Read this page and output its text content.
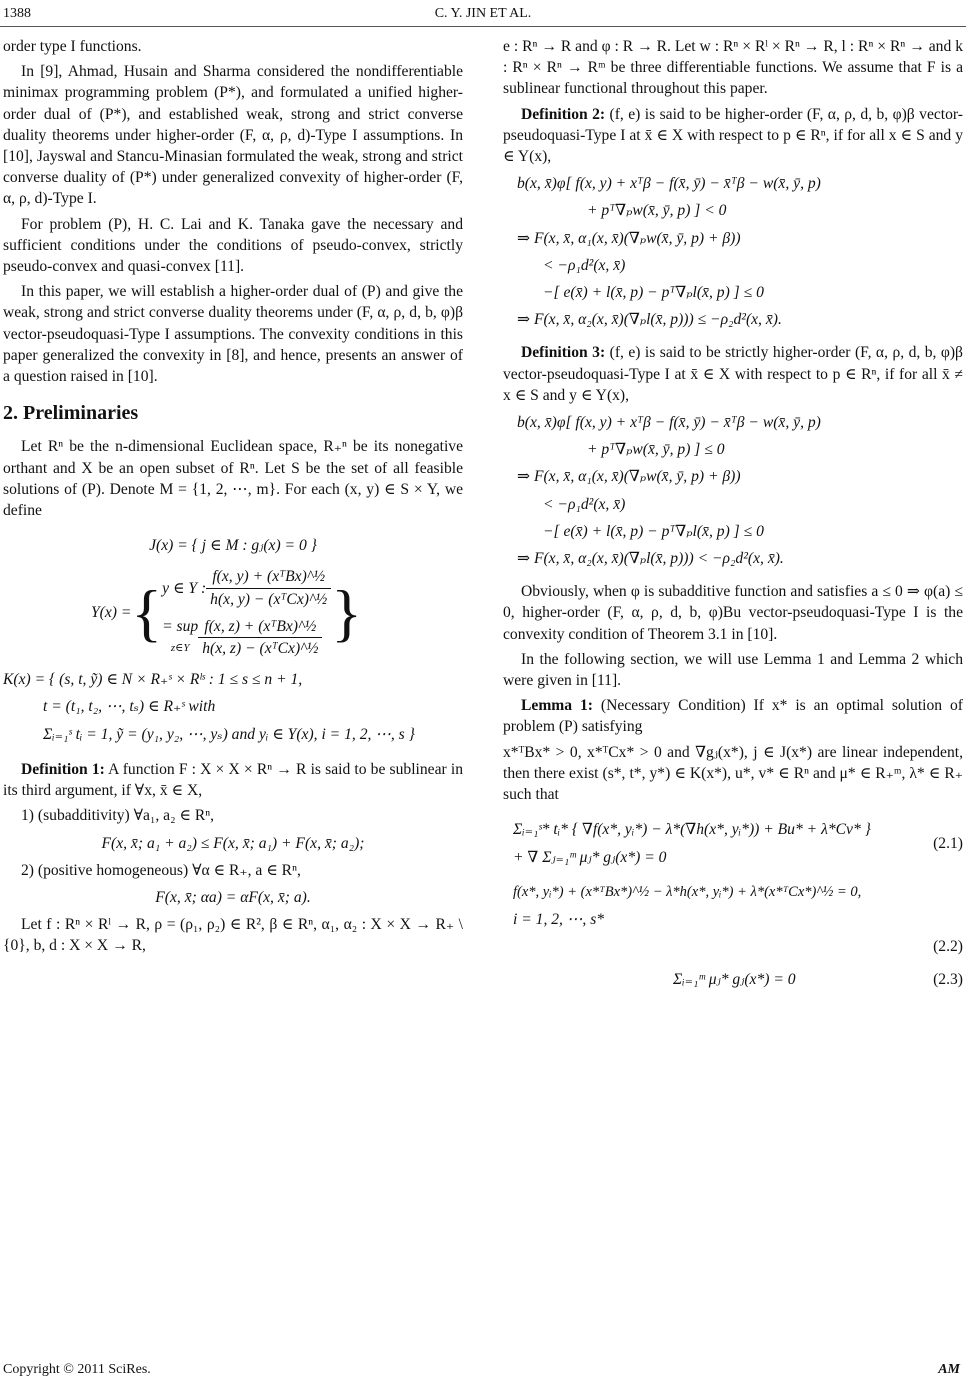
1388	C. Y. JIN ET AL.

order type I functions.

In [9], Ahmad, Husain and Sharma considered the nondifferentiable minimax programming problem (P*), and formulated a unified higher-order dual of (P*), and established weak, strong and strict converse duality theorems under higher-order (F, α, ρ, d)-Type I assumptions. In [10], Jayswal and Stancu-Minasian formulated the weak, strong and strict converse duality of (P*) under generalized convexity of higher-order (F, α, ρ, d)-Type I.

For problem (P), H. C. Lai and K. Tanaka gave the necessary and sufficient conditions under the conditions of pseudo-convex, strictly pseudo-convex and quasi-convex [11].

In this paper, we will establish a higher-order dual of (P) and give the weak, strong and strict converse duality theorems under (F, α, ρ, d, b, φ)β vector-pseudoquasi-Type I assumptions. The convexity conditions in this paper generalized the convexity in [8], and hence, presents an answer of a question raised in [10].

2. Preliminaries

Let Rⁿ be the n-dimensional Euclidean space, R₊ⁿ be its nonegative orthant and X be an open subset of Rⁿ. Let S be the set of all feasible solutions of (P). Denote M = {1, 2, ⋯, m}. For each (x, y) ∈ S × Y, we define

J(x) = { j ∈ M : gⱼ(x) = 0 }
Y(x) = { y ∈ Y : $\frac{\text{f(x, y) + (xᵀBx)\textasciicircum{}½}}{\text{h(x, y) − (xᵀCx)\textasciicircum{}½}}$
= sup
z∈Y $\frac{\text{f(x, z) + (xᵀBx)\textasciicircum{}½}}{\text{h(x, z) − (xᵀCx)\textasciicircum{}½}}$ }
K(x) = { (s, t, ỹ) ∈ N × R₊ˢ × Rˡˢ : 1 ≤ s ≤ n + 1,
t = (t₁, t₂, ⋯, tₛ) ∈ R₊ˢ with
Σᵢ₌₁ˢ tᵢ = 1, ỹ = (y₁, y₂, ⋯, yₛ) and yᵢ ∈ Y(x), i = 1, 2, ⋯, s }

Definition 1: A function F : X × X × Rⁿ → R is said to be sublinear in its third argument, if ∀x, x̄ ∈ X,

1) (subadditivity) ∀a₁, a₂ ∈ Rⁿ,

F(x, x̄; a₁ + a₂) ≤ F(x, x̄; a₁) + F(x, x̄; a₂);

2) (positive homogeneous) ∀α ∈ R₊, a ∈ Rⁿ,

F(x, x̄; αa) = αF(x, x̄; a).

Let f : Rⁿ × Rˡ → R, ρ = (ρ₁, ρ₂) ∈ R², β ∈ Rⁿ, α₁, α₂ : X × X → R₊ \ {0}, b, d : X × X → R,

e : Rⁿ → R and φ : R → R. Let w : Rⁿ × Rˡ × Rⁿ → R, l : Rⁿ × Rⁿ → and k : Rⁿ × Rⁿ → Rᵐ be three differentiable functions. We assume that F is a sublinear functional throughout this paper.

Definition 2: (f, e) is said to be higher-order (F, α, ρ, d, b, φ)β vector-pseudoquasi-Type I at x̄ ∈ X with respect to p ∈ Rⁿ, if for all x ∈ S and y ∈ Y(x),

b(x, x̄)φ[ f(x, y) + xᵀβ − f(x̄, ȳ) − x̄ᵀβ − w(x̄, ȳ, p)
+ pᵀ∇ₚw(x̄, ȳ, p) ] < 0
⇒ F(x, x̄, α₁(x, x̄)(∇ₚw(x̄, ȳ, p) + β))
< −ρ₁d²(x, x̄)
−[ e(x̄) + l(x̄, p) − pᵀ∇ₚl(x̄, p) ] ≤ 0
⇒ F(x, x̄, α₂(x, x̄)(∇ₚl(x̄, p))) ≤ −ρ₂d²(x, x̄).

Definition 3: (f, e) is said to be strictly higher-order (F, α, ρ, d, b, φ)β vector-pseudoquasi-Type I at x̄ ∈ X with respect to p ∈ Rⁿ, if for all x̄ ≠ x ∈ S and y ∈ Y(x),

b(x, x̄)φ[ f(x, y) + xᵀβ − f(x̄, ȳ) − x̄ᵀβ − w(x̄, ȳ, p)
+ pᵀ∇ₚw(x̄, ȳ, p) ] ≤ 0
⇒ F(x, x̄, α₁(x, x̄)(∇ₚw(x̄, ȳ, p) + β))
< −ρ₁d²(x, x̄)
−[ e(x̄) + l(x̄, p) − pᵀ∇ₚl(x̄, p) ] ≤ 0
⇒ F(x, x̄, α₂(x, x̄)(∇ₚl(x̄, p))) < −ρ₂d²(x, x̄).

Obviously, when φ is subadditive function and satisfies a ≤ 0 ⇒ φ(a) ≤ 0, higher-order (F, α, ρ, d, b, φ)Bu vector-pseudoquasi-Type I is the convexity condition of Theorem 3.1 in [10].

In the following section, we will use Lemma 1 and Lemma 2 which were given in [11].

Lemma 1: (Necessary Condition) If x* is an optimal solution of problem (P) satisfying

x*ᵀBx* > 0, x*ᵀCx* > 0 and ∇gⱼ(x*), j ∈ J(x*) are linear independent, then there exist (s*, t*, y*) ∈ K(x*), u*, v* ∈ Rⁿ and μ* ∈ R₊ᵐ, λ* ∈ R₊ such that

Σᵢ₌₁ˢ* tᵢ* { ∇f(x*, yᵢ*) − λ*(∇h(x*, yᵢ*)) + Bu* + λ*Cv* }
+ ∇ Σⱼ₌₁ᵐ μⱼ* gⱼ(x*) = 0
(2.1)
f(x*, yᵢ*) + (x*ᵀBx*)^½ − λ*h(x*, yᵢ*) + λ*(x*ᵀCx*)^½ = 0,
i = 1, 2, ⋯, s*
(2.2)
Σᵢ₌₁ᵐ μⱼ* gⱼ(x*) = 0	(2.3)
Copyright © 2011 SciRes.	AM
